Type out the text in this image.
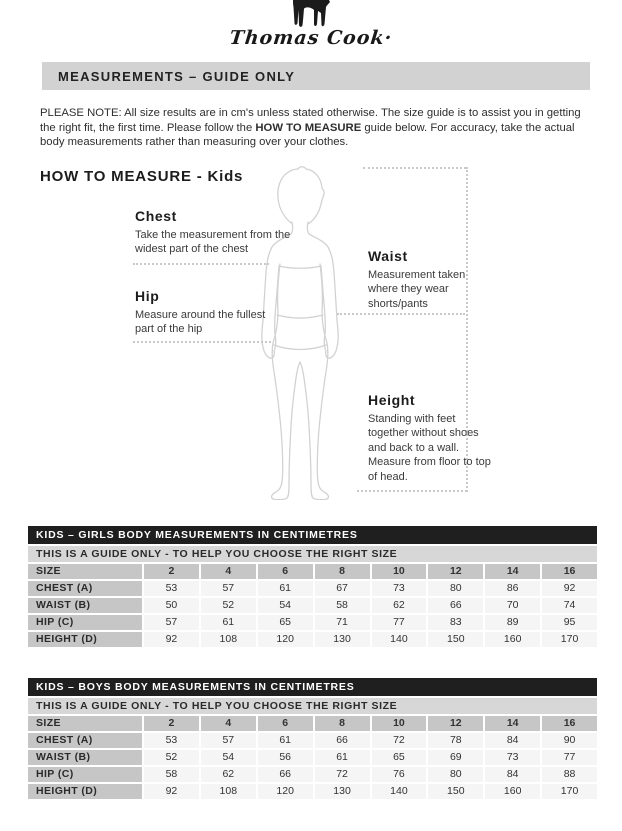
Thomas Cook·
MEASUREMENTS – GUIDE ONLY

PLEASE NOTE: All size results are in cm's unless stated otherwise. The size guide is to assist you in getting the right fit, the first time. Please follow the HOW TO MEASURE guide below. For accuracy, take the actual body measurements rather than measuring over your clothes.

HOW TO MEASURE - Kids
Chest

Take the measurement from the widest part of the chest

Hip

Measure around the fullest part of the hip

Waist

Measurement taken where they wear shorts/pants

Height

Standing with feet together without shoes and back to a wall. Measure from floor to top of head.

KIDS – GIRLS BODY MEASUREMENTS IN CENTIMETRES
THIS IS A GUIDE ONLY - TO HELP YOU CHOOSE THE RIGHT SIZE
SIZE	2	4	6	8	10	12	14	16
CHEST (A)	53	57	61	67	73	80	86	92
WAIST (B)	50	52	54	58	62	66	70	74
HIP (C)	57	61	65	71	77	83	89	95
HEIGHT (D)	92	108	120	130	140	150	160	170
KIDS – BOYS BODY MEASUREMENTS IN CENTIMETRES
THIS IS A GUIDE ONLY - TO HELP YOU CHOOSE THE RIGHT SIZE
SIZE	2	4	6	8	10	12	14	16
CHEST (A)	53	57	61	66	72	78	84	90
WAIST (B)	52	54	56	61	65	69	73	77
HIP (C)	58	62	66	72	76	80	84	88
HEIGHT (D)	92	108	120	130	140	150	160	170
